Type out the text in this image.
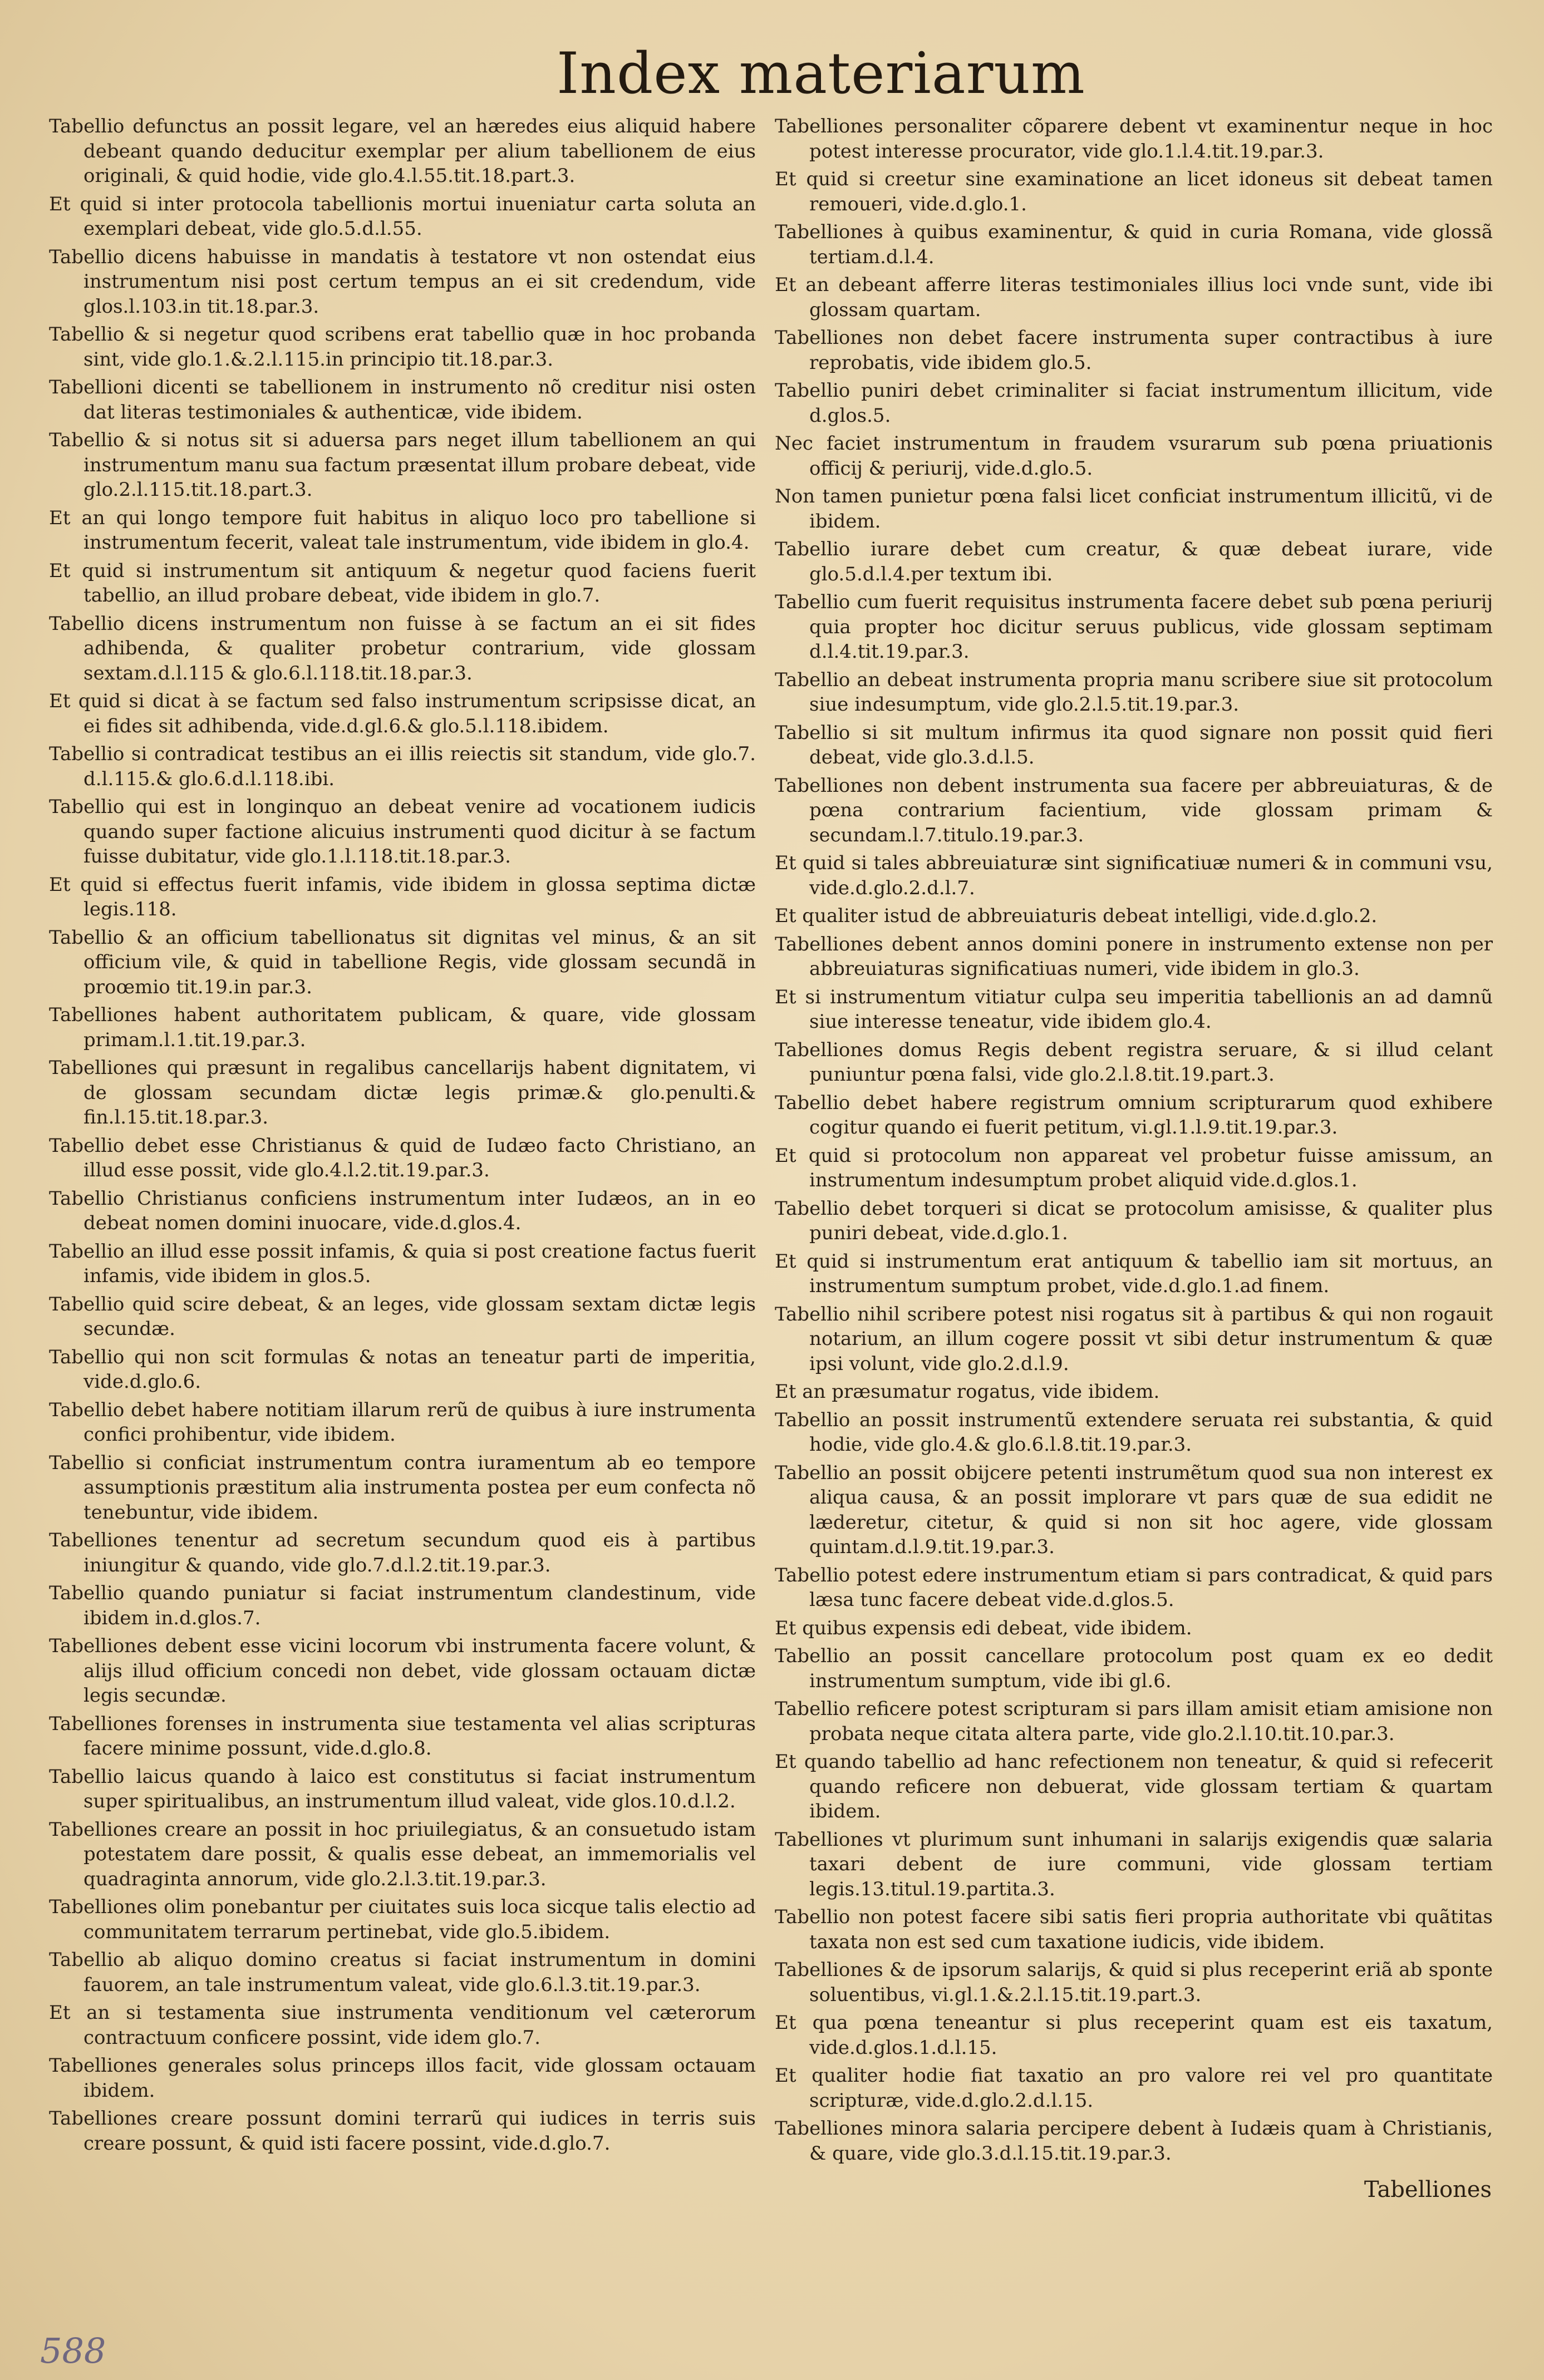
Index materiarum

Tabellio defunctus an possit legare, vel an hæredes eius aliquid habere debeant quando deducitur exemplar per alium tabellionem de eius originali, & quid hodie, vide glo.4.l.55.tit.18.part.3.

Et quid si inter protocola tabellionis mortui inueniatur carta soluta an exemplari debeat, vide glo.5.d.l.55.

Tabellio dicens habuisse in mandatis à testatore vt non ostendat eius instrumentum nisi post certum tempus an ei sit credendum, vide glos.l.103.in tit.18.par.3.

Tabellio & si negetur quod scribens erat tabellio quæ in hoc probanda sint, vide glo.1.&.2.l.115.in principio tit.18.par.3.

Tabellioni dicenti se tabellionem in instrumento nõ creditur nisi osten dat literas testimoniales & authenticæ, vide ibidem.

Tabellio & si notus sit si aduersa pars neget illum tabellionem an qui instrumentum manu sua factum præsentat illum probare debeat, vide glo.2.l.115.tit.18.part.3.

Et an qui longo tempore fuit habitus in aliquo loco pro tabellione si instrumentum fecerit, valeat tale instrumentum, vide ibidem in glo.4.

Et quid si instrumentum sit antiquum & negetur quod faciens fuerit tabellio, an illud probare debeat, vide ibidem in glo.7.

Tabellio dicens instrumentum non fuisse à se factum an ei sit fides adhibenda, & qualiter probetur contrarium, vide glossam sextam.d.l.115 & glo.6.l.118.tit.18.par.3.

Et quid si dicat à se factum sed falso instrumentum scripsisse dicat, an ei fides sit adhibenda, vide.d.gl.6.& glo.5.l.118.ibidem.

Tabellio si contradicat testibus an ei illis reiectis sit standum, vide glo.7. d.l.115.& glo.6.d.l.118.ibi.

Tabellio qui est in longinquo an debeat venire ad vocationem iudicis quando super factione alicuius instrumenti quod dicitur à se factum fuisse dubitatur, vide glo.1.l.118.tit.18.par.3.

Et quid si effectus fuerit infamis, vide ibidem in glossa septima dictæ legis.118.

Tabellio & an officium tabellionatus sit dignitas vel minus, & an sit officium vile, & quid in tabellione Regis, vide glossam secundã in proœmio tit.19.in par.3.

Tabelliones habent authoritatem publicam, & quare, vide glossam primam.l.1.tit.19.par.3.

Tabelliones qui præsunt in regalibus cancellarijs habent dignitatem, vi de glossam secundam dictæ legis primæ.& glo.penulti.& fin.l.15.tit.18.par.3.

Tabellio debet esse Christianus & quid de Iudæo facto Christiano, an illud esse possit, vide glo.4.l.2.tit.19.par.3.

Tabellio Christianus conficiens instrumentum inter Iudæos, an in eo debeat nomen domini inuocare, vide.d.glos.4.

Tabellio an illud esse possit infamis, & quia si post creatione factus fuerit infamis, vide ibidem in glos.5.

Tabellio quid scire debeat, & an leges, vide glossam sextam dictæ legis secundæ.

Tabellio qui non scit formulas & notas an teneatur parti de imperitia, vide.d.glo.6.

Tabellio debet habere notitiam illarum rerũ de quibus à iure instrumenta confici prohibentur, vide ibidem.

Tabellio si conficiat instrumentum contra iuramentum ab eo tempore assumptionis præstitum alia instrumenta postea per eum confecta nõ tenebuntur, vide ibidem.

Tabelliones tenentur ad secretum secundum quod eis à partibus iniungitur & quando, vide glo.7.d.l.2.tit.19.par.3.

Tabellio quando puniatur si faciat instrumentum clandestinum, vide ibidem in.d.glos.7.

Tabelliones debent esse vicini locorum vbi instrumenta facere volunt, & alijs illud officium concedi non debet, vide glossam octauam dictæ legis secundæ.

Tabelliones forenses in instrumenta siue testamenta vel alias scripturas facere minime possunt, vide.d.glo.8.

Tabellio laicus quando à laico est constitutus si faciat instrumentum super spiritualibus, an instrumentum illud valeat, vide glos.10.d.l.2.

Tabelliones creare an possit in hoc priuilegiatus, & an consuetudo istam potestatem dare possit, & qualis esse debeat, an immemorialis vel quadraginta annorum, vide glo.2.l.3.tit.19.par.3.

Tabelliones olim ponebantur per ciuitates suis loca sicque talis electio ad communitatem terrarum pertinebat, vide glo.5.ibidem.

Tabellio ab aliquo domino creatus si faciat instrumentum in domini fauorem, an tale instrumentum valeat, vide glo.6.l.3.tit.19.par.3.

Et an si testamenta siue instrumenta venditionum vel cæterorum contractuum conficere possint, vide idem glo.7.

Tabelliones generales solus princeps illos facit, vide glossam octauam ibidem.

Tabelliones creare possunt domini terrarũ qui iudices in terris suis creare possunt, & quid isti facere possint, vide.d.glo.7.

Tabelliones personaliter cõparere debent vt examinentur neque in hoc potest interesse procurator, vide glo.1.l.4.tit.19.par.3.

Et quid si creetur sine examinatione an licet idoneus sit debeat tamen remoueri, vide.d.glo.1.

Tabelliones à quibus examinentur, & quid in curia Romana, vide glossã tertiam.d.l.4.

Et an debeant afferre literas testimoniales illius loci vnde sunt, vide ibi glossam quartam.

Tabelliones non debet facere instrumenta super contractibus à iure reprobatis, vide ibidem glo.5.

Tabellio puniri debet criminaliter si faciat instrumentum illicitum, vide d.glos.5.

Nec faciet instrumentum in fraudem vsurarum sub pœna priuationis officij & periurij, vide.d.glo.5.

Non tamen punietur pœna falsi licet conficiat instrumentum illicitũ, vi de ibidem.

Tabellio iurare debet cum creatur, & quæ debeat iurare, vide glo.5.d.l.4.per textum ibi.

Tabellio cum fuerit requisitus instrumenta facere debet sub pœna periurij quia propter hoc dicitur seruus publicus, vide glossam septimam d.l.4.tit.19.par.3.

Tabellio an debeat instrumenta propria manu scribere siue sit protocolum siue indesumptum, vide glo.2.l.5.tit.19.par.3.

Tabellio si sit multum infirmus ita quod signare non possit quid fieri debeat, vide glo.3.d.l.5.

Tabelliones non debent instrumenta sua facere per abbreuiaturas, & de pœna contrarium facientium, vide glossam primam & secundam.l.7.titulo.19.par.3.

Et quid si tales abbreuiaturæ sint significatiuæ numeri & in communi vsu, vide.d.glo.2.d.l.7.

Et qualiter istud de abbreuiaturis debeat intelligi, vide.d.glo.2.

Tabelliones debent annos domini ponere in instrumento extense non per abbreuiaturas significatiuas numeri, vide ibidem in glo.3.

Et si instrumentum vitiatur culpa seu imperitia tabellionis an ad damnũ siue interesse teneatur, vide ibidem glo.4.

Tabelliones domus Regis debent registra seruare, & si illud celant puniuntur pœna falsi, vide glo.2.l.8.tit.19.part.3.

Tabellio debet habere registrum omnium scripturarum quod exhibere cogitur quando ei fuerit petitum, vi.gl.1.l.9.tit.19.par.3.

Et quid si protocolum non appareat vel probetur fuisse amissum, an instrumentum indesumptum probet aliquid vide.d.glos.1.

Tabellio debet torqueri si dicat se protocolum amisisse, & qualiter plus puniri debeat, vide.d.glo.1.

Et quid si instrumentum erat antiquum & tabellio iam sit mortuus, an instrumentum sumptum probet, vide.d.glo.1.ad finem.

Tabellio nihil scribere potest nisi rogatus sit à partibus & qui non rogauit notarium, an illum cogere possit vt sibi detur instrumentum & quæ ipsi volunt, vide glo.2.d.l.9.

Et an præsumatur rogatus, vide ibidem.

Tabellio an possit instrumentũ extendere seruata rei substantia, & quid hodie, vide glo.4.& glo.6.l.8.tit.19.par.3.

Tabellio an possit obijcere petenti instrumẽtum quod sua non interest ex aliqua causa, & an possit implorare vt pars quæ de sua edidit ne læderetur, citetur, & quid si non sit hoc agere, vide glossam quintam.d.l.9.tit.19.par.3.

Tabellio potest edere instrumentum etiam si pars contradicat, & quid pars læsa tunc facere debeat vide.d.glos.5.

Et quibus expensis edi debeat, vide ibidem.

Tabellio an possit cancellare protocolum post quam ex eo dedit instrumentum sumptum, vide ibi gl.6.

Tabellio reficere potest scripturam si pars illam amisit etiam amisione non probata neque citata altera parte, vide glo.2.l.10.tit.10.par.3.

Et quando tabellio ad hanc refectionem non teneatur, & quid si refecerit quando reficere non debuerat, vide glossam tertiam & quartam ibidem.

Tabelliones vt plurimum sunt inhumani in salarijs exigendis quæ salaria taxari debent de iure communi, vide glossam tertiam legis.13.titul.19.partita.3.

Tabellio non potest facere sibi satis fieri propria authoritate vbi quãtitas taxata non est sed cum taxatione iudicis, vide ibidem.

Tabelliones & de ipsorum salarijs, & quid si plus receperint eriã ab sponte soluentibus, vi.gl.1.&.2.l.15.tit.19.part.3.

Et qua pœna teneantur si plus receperint quam est eis taxatum, vide.d.glos.1.d.l.15.

Et qualiter hodie fiat taxatio an pro valore rei vel pro quantitate scripturæ, vide.d.glo.2.d.l.15.

Tabelliones minora salaria percipere debent à Iudæis quam à Christianis, & quare, vide glo.3.d.l.15.tit.19.par.3.

Tabelliones
588
